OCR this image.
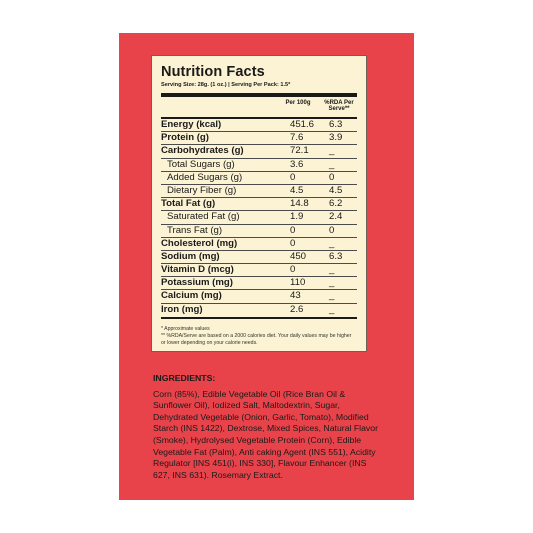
Nutrition Facts
Serving Size: 28g. (1 oz.) | Serving Per Pack: 1.5*
Per 100g	%RDA Per Serve**
Energy (kcal)	451.6 6.3
Protein (g)	7.6	3.9
Carbohydrates (g)	72.1 _
Total Sugars (g)	3.6	_
Added Sugars (g)	0	0
Dietary Fiber (g)	4.5	4.5
Total Fat (g)	14.8 6.2
Saturated Fat (g)	1.9	2.4
Trans Fat (g)	0	0
Cholesterol (mg)	0	_
Sodium (mg)	450 6.3
Vitamin D (mcg)	0	_
Potassium (mg)	110 _
Calcium (mg)	43	_
Iron (mg)	2.6	_
* Approximate values
** %RDA/Serve are based on a 2000 calories diet. Your daily values may be higher or lower depending on your calorie needs.
INGREDIENTS:
Corn (85%), Edible Vegetable Oil (Rice Bran Oil & Sunflower Oil), Iodized Salt, Maltodextrin, Sugar, Dehydrated Vegetable (Onion, Garlic, Tomato), Modified Starch (INS 1422), Dextrose, Mixed Spices, Natural Flavor (Smoke), Hydrolysed Vegetable Protein (Corn), Edible Vegetable Fat (Palm), Anti caking Agent (INS 551), Acidity Regulator [INS 451(i), INS 330], Flavour Enhancer (INS 627, INS 631). Rosemary Extract.
